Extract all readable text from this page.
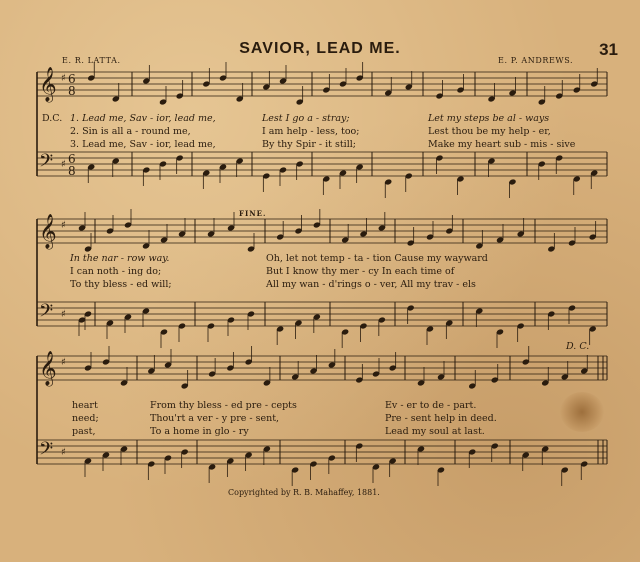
SAVIOR, LEAD ME.	31
E. R. LATTA.	E. P. ANDREWS.
𝄞
𝄢
♯
♯
6
8
6
8
𝄞
𝄢
♯
♯
𝄞
𝄢
♯
♯
D.C. 1. Lead me, Sav - ior, lead me,	Lest I go a - stray;	Let my steps be al - ways
2. Sin is all a - round me,	I am help - less, too;	Lest thou be my help - er,
3. Lead me, Sav - ior, lead me,	By thy Spir - it still;	Make my heart sub - mis - sive
FINE.
In the nar - row way.	Oh, let not temp - ta - tion Cause my wayward
I can noth - ing do;	But I know thy mer - cy In each time of
To thy bless - ed will;	All my wan - d'rings o - ver, All my trav - els
D. C.
heart	From thy bless - ed pre - cepts	Ev - er to de - part.
need;	Thou'rt a ver - y pre - sent,	Pre - sent help in deed.
past,	To a home in glo - ry	Lead my soul at last.
Copyrighted by R. B. Mahaffey, 1881.
